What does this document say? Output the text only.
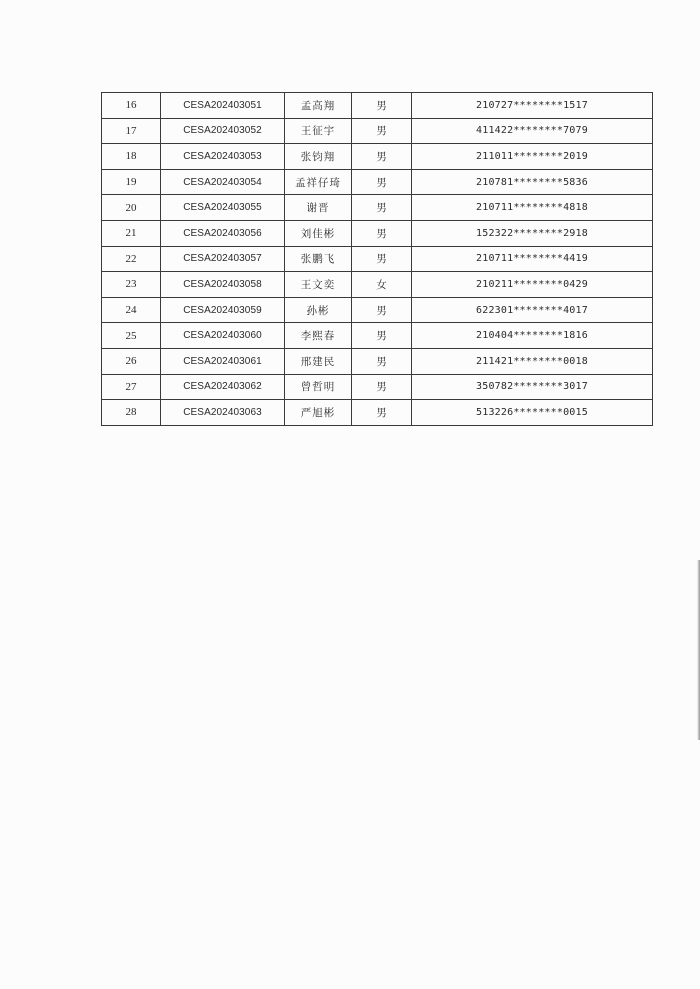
16	CESA202403051	孟高翔	男	210727********1517
17	CESA202403052	王征宇	男	411422********7079
18	CESA202403053	张钧翔	男	211011********2019
19	CESA202403054	孟祥仔琦	男	210781********5836
20	CESA202403055	谢晋	男	210711********4818
21	CESA202403056	刘佳彬	男	152322********2918
22	CESA202403057	张鹏飞	男	210711********4419
23	CESA202403058	王文奕	女	210211********0429
24	CESA202403059	孙彬	男	622301********4017
25	CESA202403060	李熙春	男	210404********1816
26	CESA202403061	邢建民	男	211421********0018
27	CESA202403062	曾哲明	男	350782********3017
28	CESA202403063	严旭彬	男	513226********0015
